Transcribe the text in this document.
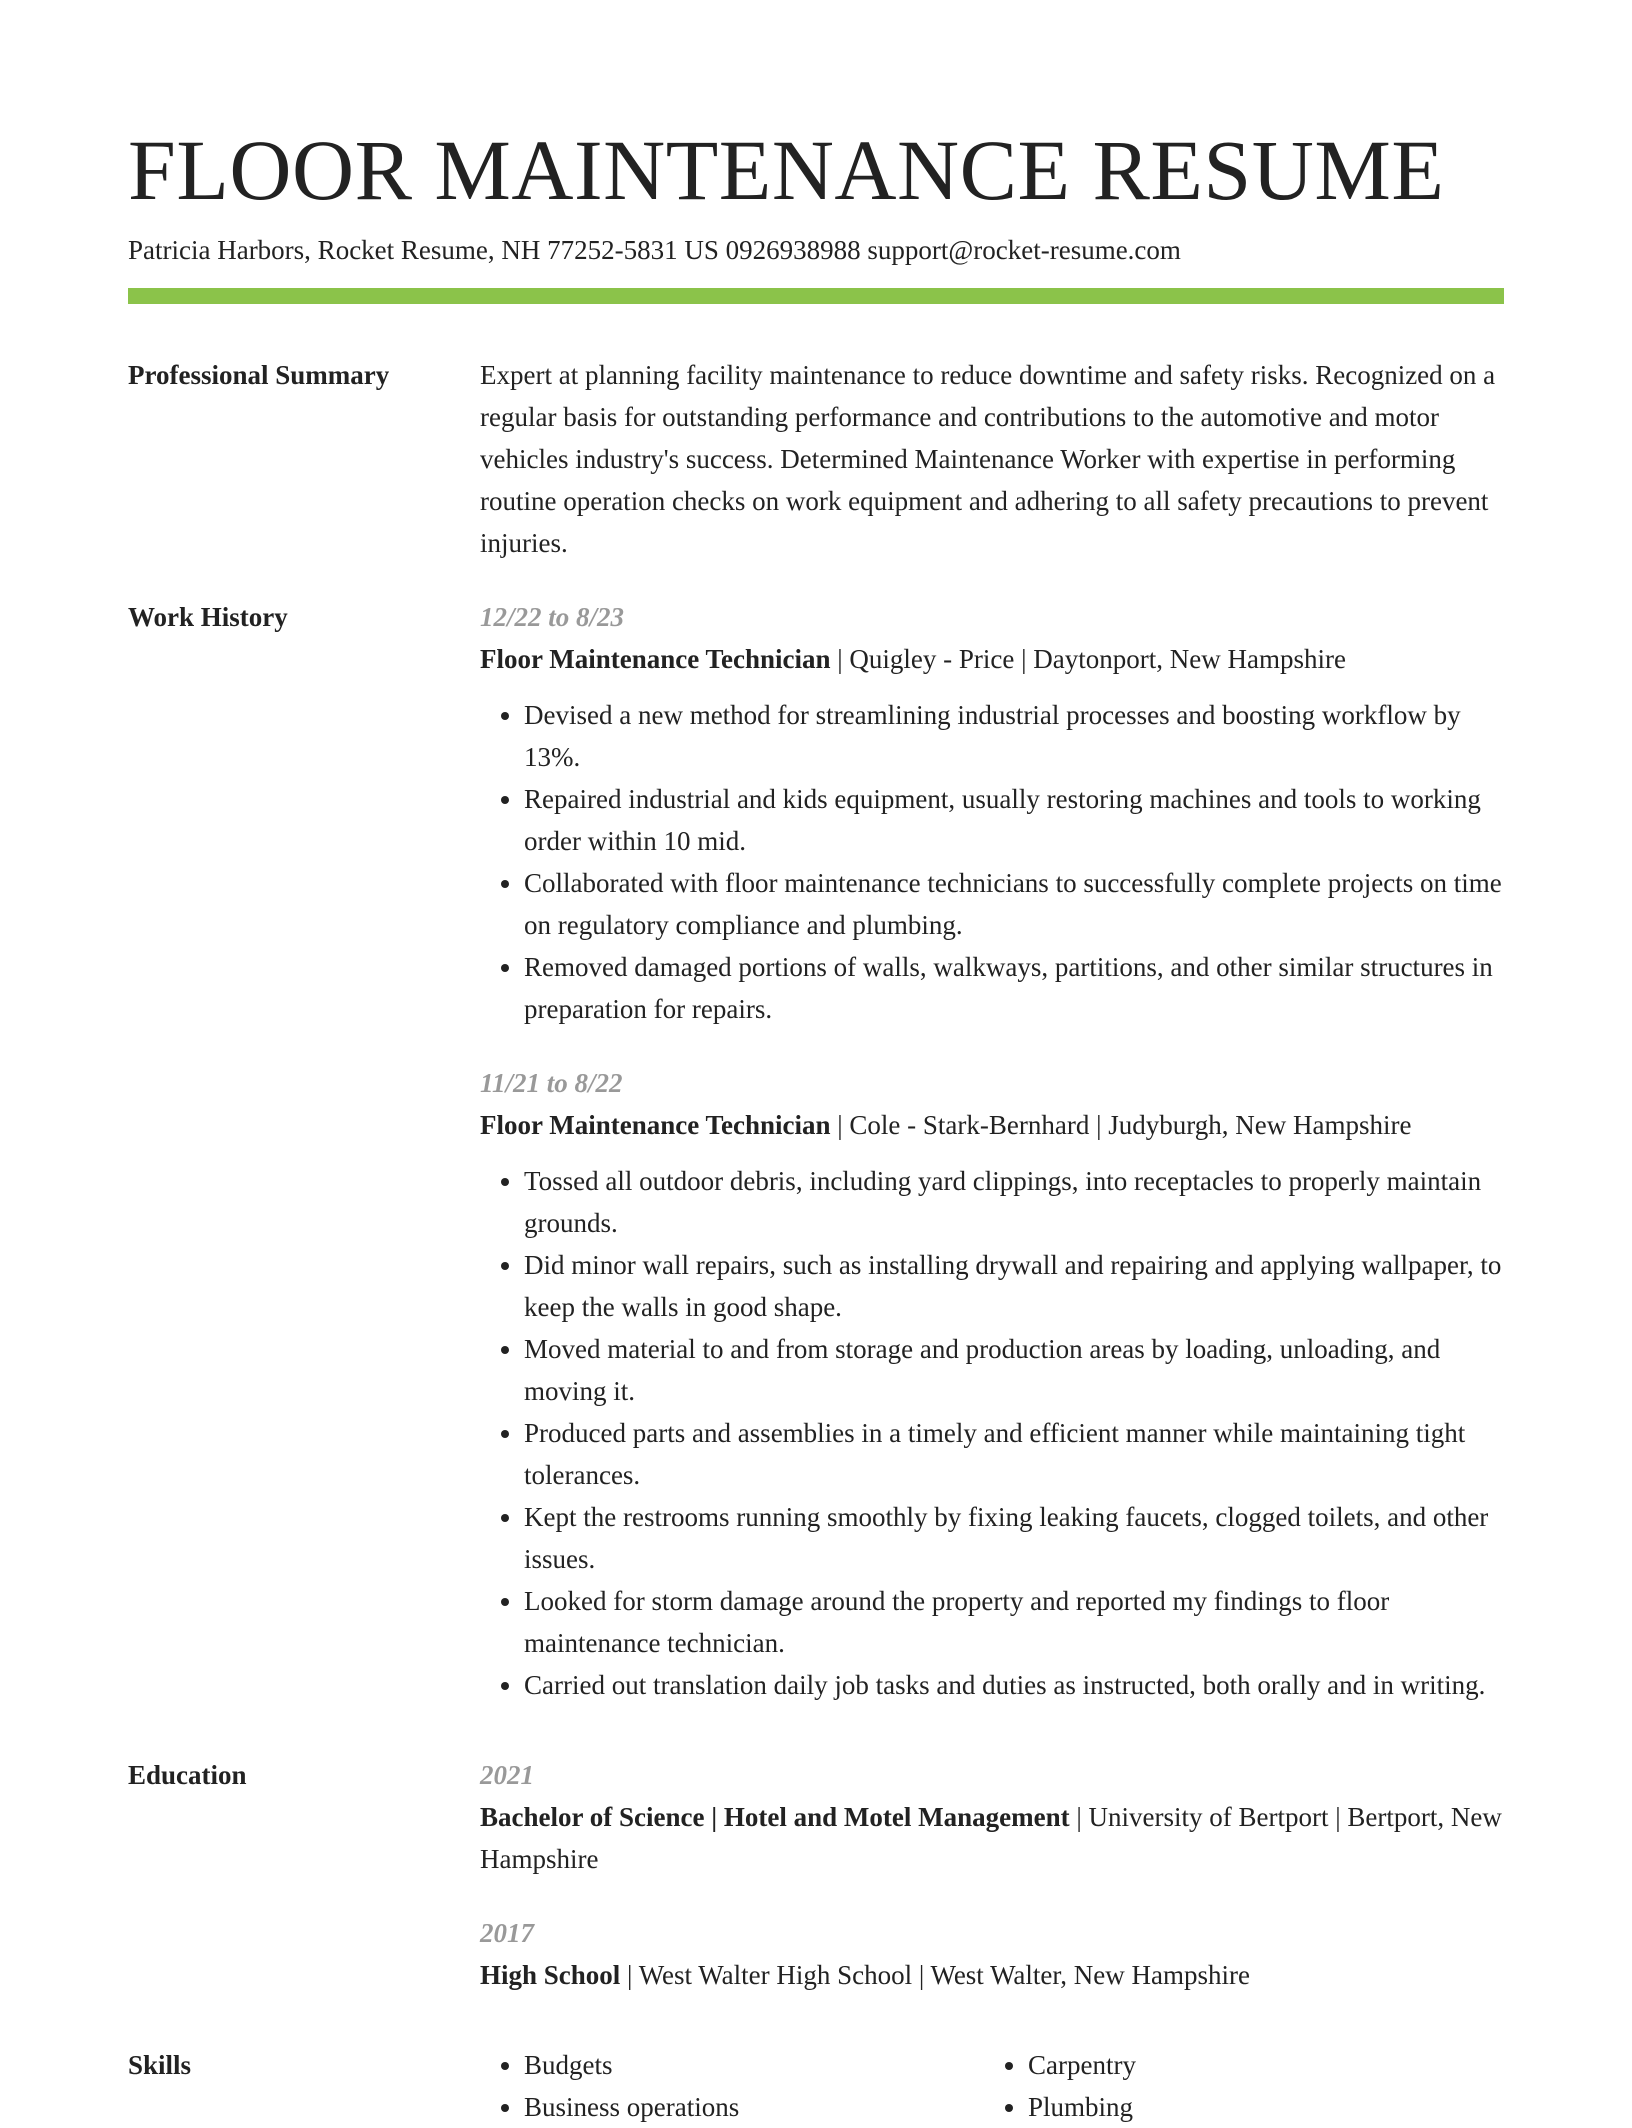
FLOOR MAINTENANCE RESUME
Patricia Harbors, Rocket Resume, NH 77252-5831 US 0926938988 support@rocket-resume.com
Professional Summary	Expert at planning facility maintenance to reduce downtime and safety risks. Recognized on a regular basis for outstanding performance and contributions to the automotive and motor vehicles industry's success. Determined Maintenance Worker with expertise in performing routine operation checks on work equipment and adhering to all safety precautions to prevent injuries.

Work History	12/22 to 8/23
Floor Maintenance Technician | Quigley - Price | Daytonport, New Hampshire
• Devised a new method for streamlining industrial processes and boosting workflow by 13%.
• Repaired industrial and kids equipment, usually restoring machines and tools to working order within 10 mid.
• Collaborated with floor maintenance technicians to successfully complete projects on time on regulatory compliance and plumbing.
• Removed damaged portions of walls, walkways, partitions, and other similar structures in preparation for repairs.
11/21 to 8/22
Floor Maintenance Technician | Cole - Stark-Bernhard | Judyburgh, New Hampshire
• Tossed all outdoor debris, including yard clippings, into receptacles to properly maintain grounds.
• Did minor wall repairs, such as installing drywall and repairing and applying wallpaper, to keep the walls in good shape.
• Moved material to and from storage and production areas by loading, unloading, and moving it.
• Produced parts and assemblies in a timely and efficient manner while maintaining tight tolerances.
• Kept the restrooms running smoothly by fixing leaking faucets, clogged toilets, and other issues.
• Looked for storm damage around the property and reported my findings to floor maintenance technician.
• Carried out translation daily job tasks and duties as instructed, both orally and in writing.
Education	2021
Bachelor of Science | Hotel and Motel Management | University of Bertport | Bertport, New Hampshire
2017
High School | West Walter High School | West Walter, New Hampshire
Skills
•	Budgets
• Business operations
• Carpentry
• Plumbing
